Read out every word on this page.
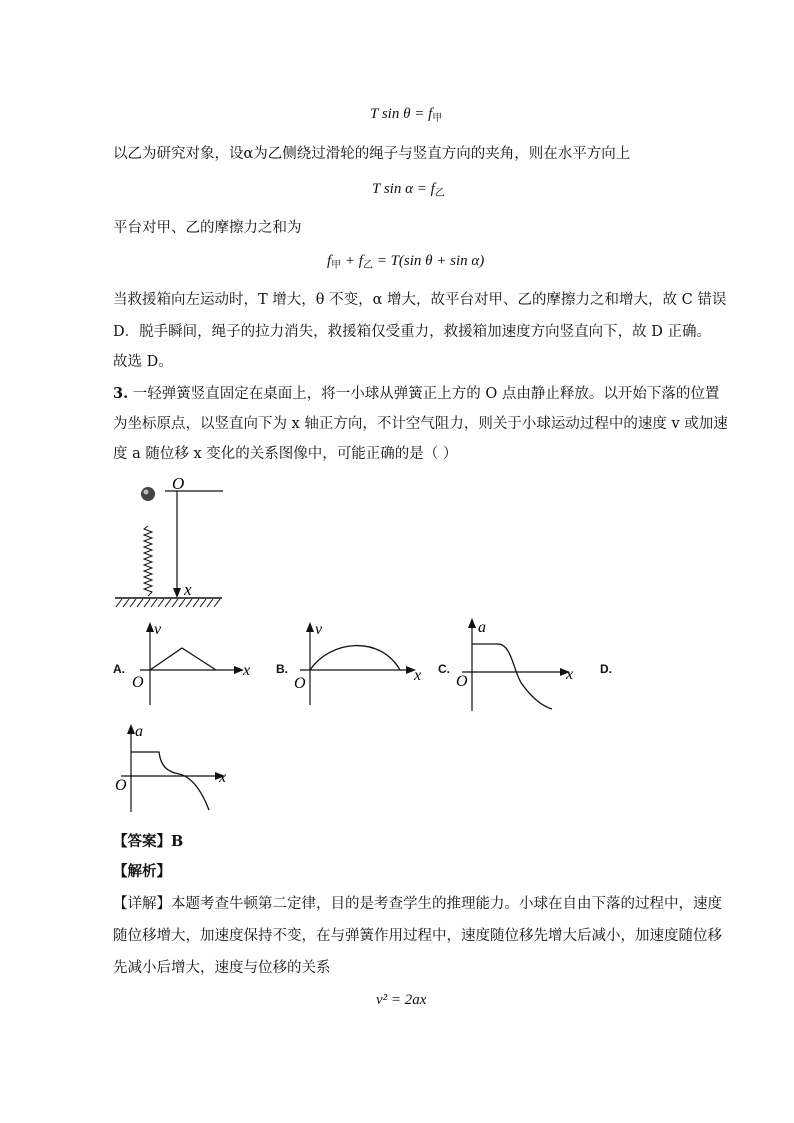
T $\sin \theta = f_甲$
以乙为研究对象，设α为乙侧绕过滑轮的绳子与竖直方向的夹角，则在水平方向上
T $\sin \alpha = f_乙$
平台对甲、乙的摩擦力之和为
$f_甲 + f_乙 = T(\sin$ θ + sin α)
当救援箱向左运动时，T 增大，θ 不变，α 增大，故平台对甲、乙的摩擦力之和增大，故 C 错误
D．脱手瞬间，绳子的拉力消失，救援箱仅受重力，救援箱加速度方向竖直向下，故 D 正确。
故选 D。
3. 一轻弹簧竖直固定在桌面上，将一小球从弹簧正上方的 O 点由静止释放。以开始下落的位置
为坐标原点，以竖直向下为 x 轴正方向，不计空气阻力，则关于小球运动过程中的速度 v 或加速
度 a 随位移 x 变化的关系图像中，可能正确的是（ ）
O
x
A.
v
x
O
B.
v
x
O
C.
a
x
O
D.
a
x
O
【答案】B
【解析】
【详解】本题考查牛顿第二定律，目的是考查学生的推理能力。小球在自由下落的过程中，速度
随位移增大，加速度保持不变，在与弹簧作用过程中，速度随位移先增大后减小，加速度随位移
先减小后增大，速度与位移的关系
v² = 2ax
